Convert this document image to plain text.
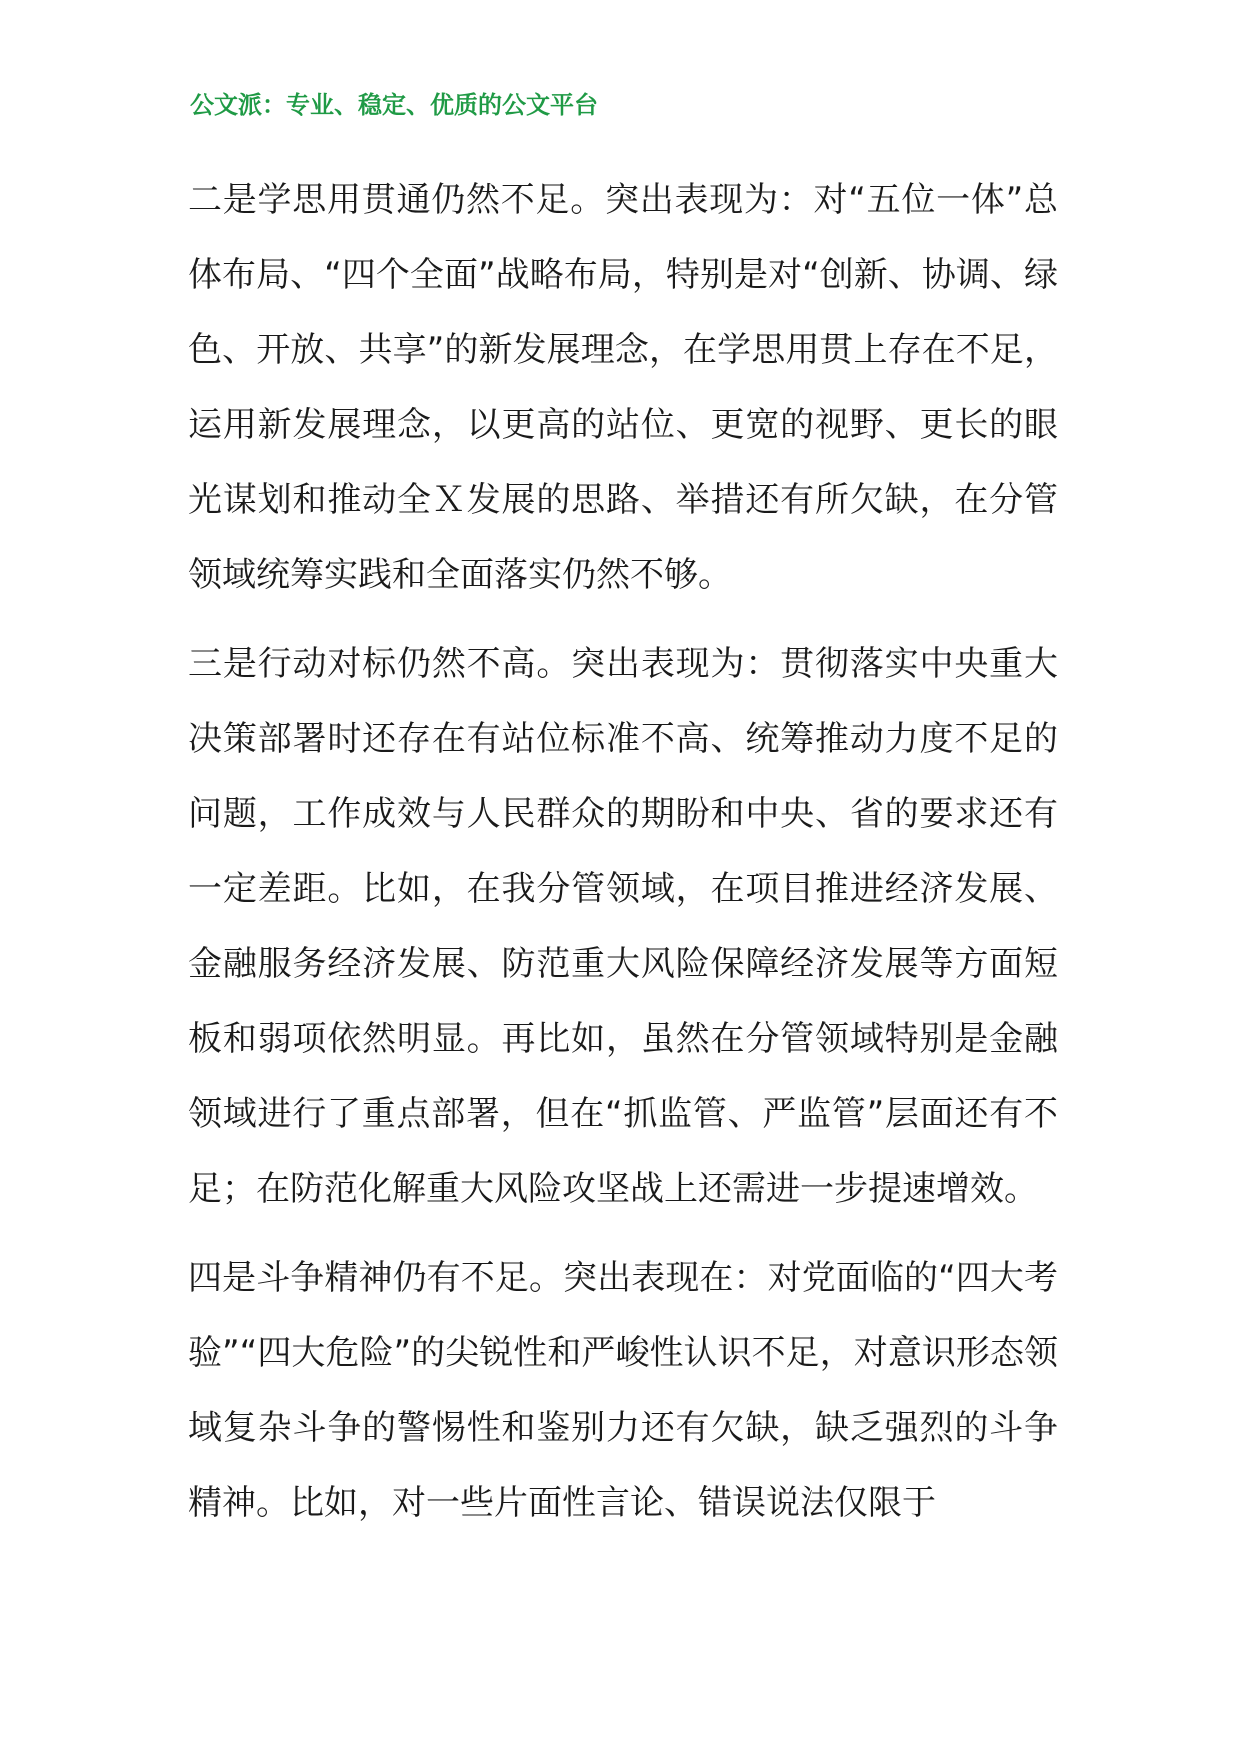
公文派：专业、稳定、优质的公文平台

二是学思用贯通仍然不足。突出表现为：对“五位一体”总体布局、“四个全面”战略布局，特别是对“创新、协调、绿色、开放、共享”的新发展理念，在学思用贯上存在不足，运用新发展理念，以更高的站位、更宽的视野、更长的眼光谋划和推动全Ｘ发展的思路、举措还有所欠缺，在分管领域统筹实践和全面落实仍然不够。

三是行动对标仍然不高。突出表现为：贯彻落实中央重大决策部署时还存在有站位标准不高、统筹推动力度不足的问题，工作成效与人民群众的期盼和中央、省的要求还有一定差距。比如，在我分管领域，在项目推进经济发展、金融服务经济发展、防范重大风险保障经济发展等方面短板和弱项依然明显。再比如，虽然在分管领域特别是金融领域进行了重点部署，但在“抓监管、严监管”层面还有不足；在防范化解重大风险攻坚战上还需进一步提速增效。

四是斗争精神仍有不足。突出表现在：对党面临的“四大考验”“四大危险”的尖锐性和严峻性认识不足，对意识形态领域复杂斗争的警惕性和鉴别力还有欠缺，缺乏强烈的斗争精神。比如，对一些片面性言论、错误说法仅限于
